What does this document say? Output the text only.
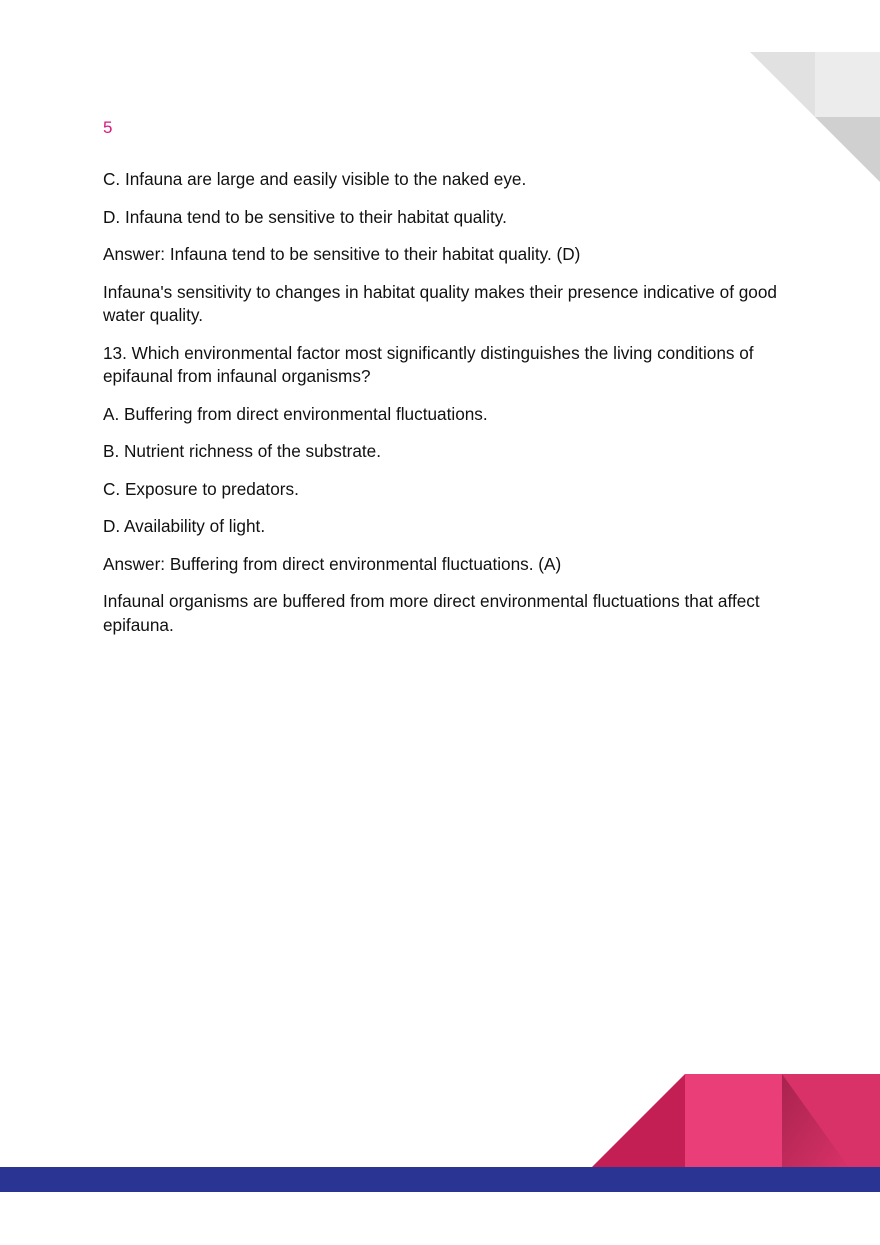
5

C. Infauna are large and easily visible to the naked eye.

D. Infauna tend to be sensitive to their habitat quality.

Answer: Infauna tend to be sensitive to their habitat quality. (D)

Infauna's sensitivity to changes in habitat quality makes their presence indicative of good water quality.

13. Which environmental factor most significantly distinguishes the living conditions of epifaunal from infaunal organisms?

A. Buffering from direct environmental fluctuations.

B. Nutrient richness of the substrate.

C. Exposure to predators.

D. Availability of light.

Answer: Buffering from direct environmental fluctuations. (A)

Infaunal organisms are buffered from more direct environmental fluctuations that affect epifauna.
